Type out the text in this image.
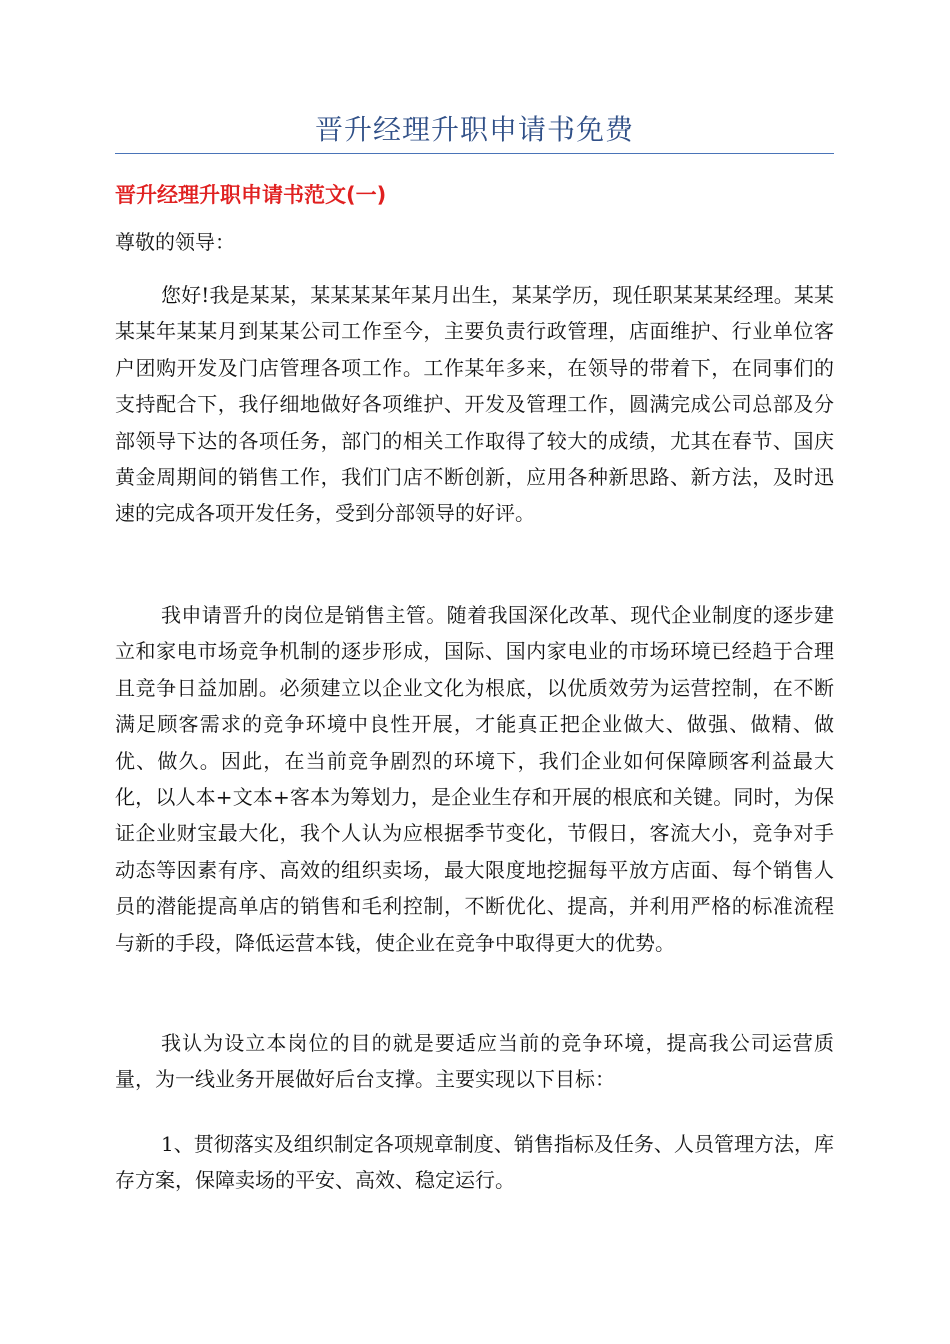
晋升经理升职申请书免费
晋升经理升职申请书范文(一)

尊敬的领导：

您好!我是某某，某某某某年某月出生，某某学历，现任职某某某经理。某某某某年某某月到某某公司工作至今，主要负责行政管理，店面维护、行业单位客户团购开发及门店管理各项工作。工作某年多来，在领导的带着下，在同事们的支持配合下，我仔细地做好各项维护、开发及管理工作，圆满完成公司总部及分部领导下达的各项任务，部门的相关工作取得了较大的成绩，尤其在春节、国庆黄金周期间的销售工作，我们门店不断创新，应用各种新思路、新方法，及时迅速的完成各项开发任务，受到分部领导的好评。

我申请晋升的岗位是销售主管。随着我国深化改革、现代企业制度的逐步建立和家电市场竞争机制的逐步形成，国际、国内家电业的市场环境已经趋于合理且竞争日益加剧。必须建立以企业文化为根底，以优质效劳为运营控制，在不断满足顾客需求的竞争环境中良性开展，才能真正把企业做大、做强、做精、做优、做久。因此，在当前竞争剧烈的环境下，我们企业如何保障顾客利益最大化，以人本+文本+客本为筹划力，是企业生存和开展的根底和关键。同时，为保证企业财宝最大化，我个人认为应根据季节变化，节假日，客流大小，竞争对手动态等因素有序、高效的组织卖场，最大限度地挖掘每平放方店面、每个销售人员的潜能提高单店的销售和毛利控制，不断优化、提高，并利用严格的标准流程与新的手段，降低运营本钱，使企业在竞争中取得更大的优势。

我认为设立本岗位的目的就是要适应当前的竞争环境，提高我公司运营质量，为一线业务开展做好后台支撑。主要实现以下目标：

1、贯彻落实及组织制定各项规章制度、销售指标及任务、人员管理方法，库存方案，保障卖场的平安、高效、稳定运行。
